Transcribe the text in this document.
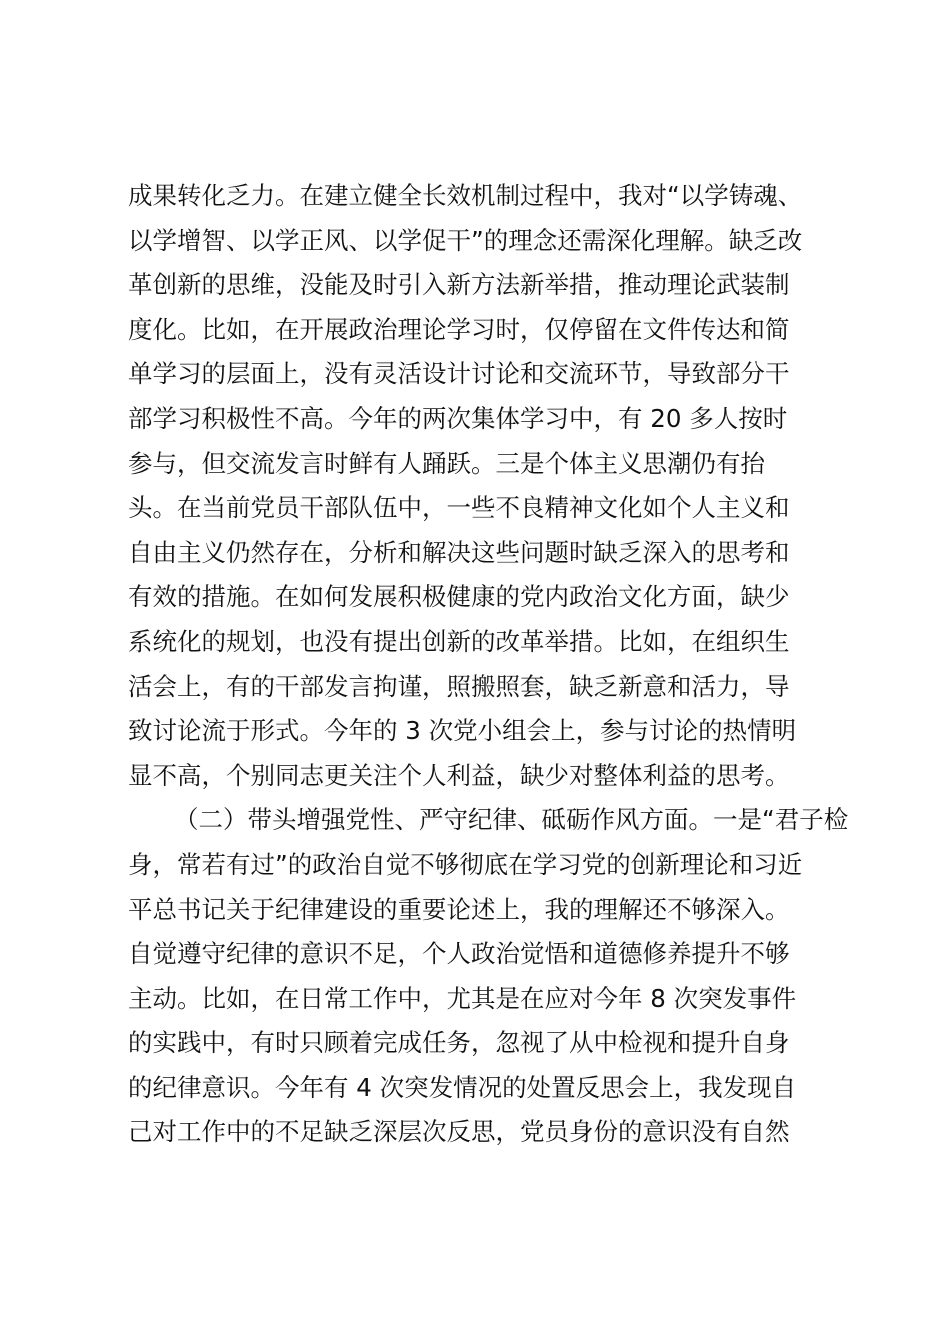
成果转化乏力。在建立健全长效机制过程中，我对“以学铸魂、
以学增智、以学正风、以学促干”的理念还需深化理解。缺乏改
革创新的思维，没能及时引入新方法新举措，推动理论武装制
度化。比如，在开展政治理论学习时，仅停留在文件传达和简
单学习的层面上，没有灵活设计讨论和交流环节，导致部分干
部学习积极性不高。今年的两次集体学习中，有 20 多人按时
参与，但交流发言时鲜有人踊跃。三是个体主义思潮仍有抬
头。在当前党员干部队伍中，一些不良精神文化如个人主义和
自由主义仍然存在，分析和解决这些问题时缺乏深入的思考和
有效的措施。在如何发展积极健康的党内政治文化方面，缺少
系统化的规划，也没有提出创新的改革举措。比如，在组织生
活会上，有的干部发言拘谨，照搬照套，缺乏新意和活力，导
致讨论流于形式。今年的 3 次党小组会上，参与讨论的热情明
显不高，个别同志更关注个人利益，缺少对整体利益的思考。
（二）带头增强党性、严守纪律、砥砺作风方面。一是“君子检
身，常若有过”的政治自觉不够彻底在学习党的创新理论和习近
平总书记关于纪律建设的重要论述上，我的理解还不够深入。
自觉遵守纪律的意识不足，个人政治觉悟和道德修养提升不够
主动。比如，在日常工作中，尤其是在应对今年 8 次突发事件
的实践中，有时只顾着完成任务，忽视了从中检视和提升自身
的纪律意识。今年有 4 次突发情况的处置反思会上，我发现自
己对工作中的不足缺乏深层次反思，党员身份的意识没有自然
